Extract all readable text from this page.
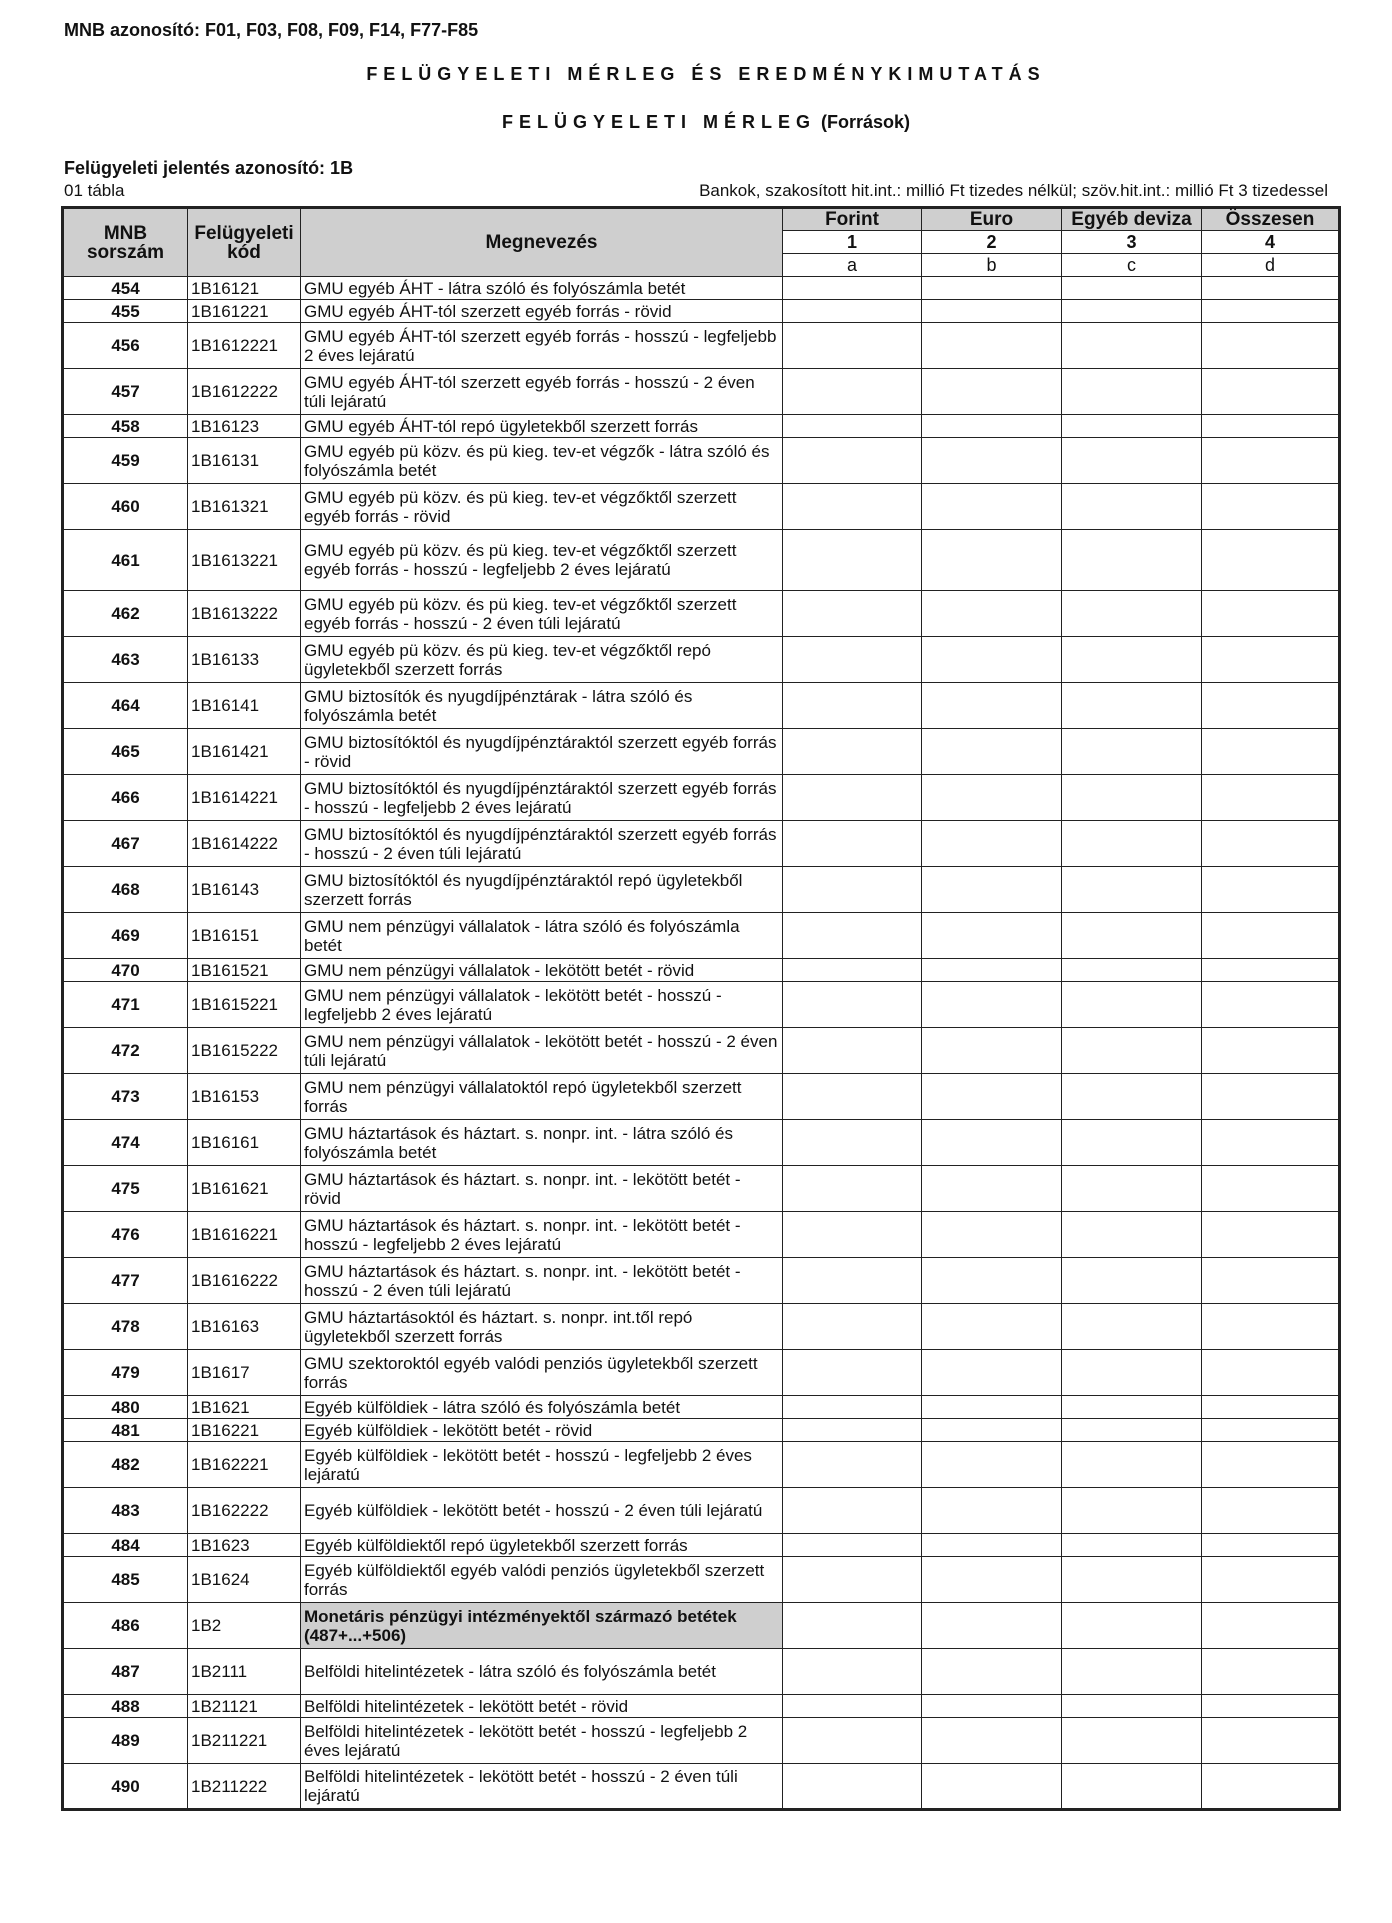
MNB azonosító: F01, F03, F08, F09, F14, F77-F85
FELÜGYELETI MÉRLEG ÉS EREDMÉNYKIMUTATÁS
FELÜGYELETI MÉRLEG (Források)
Felügyeleti jelentés azonosító: 1B
01 tábla	Bankok, szakosított hit.int.: millió Ft tizedes nélkül; szöv.hit.int.: millió Ft 3 tizedessel
MNB sorszám	Felügyeleti kód	Megnevezés	Forint	Euro	Egyéb deviza	Összesen
			1	2	3	4
			a	b	c	d
454	1B16121	GMU egyéb ÁHT - látra szóló és folyószámla betét				
455	1B161221	GMU egyéb ÁHT-tól szerzett egyéb forrás - rövid				
456	1B1612221	GMU egyéb ÁHT-tól szerzett egyéb forrás - hosszú - legfeljebb 2 éves lejáratú				
457	1B1612222	GMU egyéb ÁHT-tól szerzett egyéb forrás - hosszú - 2 éven túli lejáratú				
458	1B16123	GMU egyéb ÁHT-tól repó ügyletekből szerzett forrás				
459	1B16131	GMU egyéb pü közv. és pü kieg. tev-et végzők - látra szóló és folyószámla betét				
460	1B161321	GMU egyéb pü közv. és pü kieg. tev-et végzőktől szerzett egyéb forrás - rövid				
461	1B1613221	GMU egyéb pü közv. és pü kieg. tev-et végzőktől szerzett egyéb forrás - hosszú - legfeljebb 2 éves lejáratú				
462	1B1613222	GMU egyéb pü közv. és pü kieg. tev-et végzőktől szerzett egyéb forrás - hosszú - 2 éven túli lejáratú				
463	1B16133	GMU egyéb pü közv. és pü kieg. tev-et végzőktől repó ügyletekből szerzett forrás				
464	1B16141	GMU biztosítók és nyugdíjpénztárak - látra szóló és folyószámla betét				
465	1B161421	GMU biztosítóktól és nyugdíjpénztáraktól szerzett egyéb forrás - rövid				
466	1B1614221	GMU biztosítóktól és nyugdíjpénztáraktól szerzett egyéb forrás - hosszú - legfeljebb 2 éves lejáratú				
467	1B1614222	GMU biztosítóktól és nyugdíjpénztáraktól szerzett egyéb forrás - hosszú - 2 éven túli lejáratú				
468	1B16143	GMU biztosítóktól és nyugdíjpénztáraktól repó ügyletekből szerzett forrás				
469	1B16151	GMU nem pénzügyi vállalatok - látra szóló és folyószámla betét				
470	1B161521	GMU nem pénzügyi vállalatok - lekötött betét - rövid				
471	1B1615221	GMU nem pénzügyi vállalatok - lekötött betét - hosszú - legfeljebb 2 éves lejáratú				
472	1B1615222	GMU nem pénzügyi vállalatok - lekötött betét - hosszú - 2 éven túli lejáratú				
473	1B16153	GMU nem pénzügyi vállalatoktól repó ügyletekből szerzett forrás				
474	1B16161	GMU háztartások és háztart. s. nonpr. int. - látra szóló és folyószámla betét				
475	1B161621	GMU háztartások és háztart. s. nonpr. int. - lekötött betét - rövid				
476	1B1616221	GMU háztartások és háztart. s. nonpr. int. - lekötött betét - hosszú - legfeljebb 2 éves lejáratú				
477	1B1616222	GMU háztartások és háztart. s. nonpr. int. - lekötött betét - hosszú - 2 éven túli lejáratú				
478	1B16163	GMU háztartásoktól és háztart. s. nonpr. int.től repó ügyletekből szerzett forrás				
479	1B1617	GMU szektoroktól egyéb valódi penziós ügyletekből szerzett forrás				
480	1B1621	Egyéb külföldiek - látra szóló és folyószámla betét				
481	1B16221	Egyéb külföldiek - lekötött betét - rövid				
482	1B162221	Egyéb külföldiek - lekötött betét - hosszú - legfeljebb 2 éves lejáratú				
483	1B162222	Egyéb külföldiek - lekötött betét - hosszú - 2 éven túli lejáratú				
484	1B1623	Egyéb külföldiektől repó ügyletekből szerzett forrás				
485	1B1624	Egyéb külföldiektől egyéb valódi penziós ügyletekből szerzett forrás				
486	1B2	Monetáris pénzügyi intézményektől származó betétek (487+...+506)				
487	1B2111	Belföldi hitelintézetek - látra szóló és folyószámla betét				
488	1B21121	Belföldi hitelintézetek - lekötött betét - rövid				
489	1B211221	Belföldi hitelintézetek - lekötött betét - hosszú - legfeljebb 2 éves lejáratú				
490	1B211222	Belföldi hitelintézetek - lekötött betét - hosszú - 2 éven túli lejáratú				
